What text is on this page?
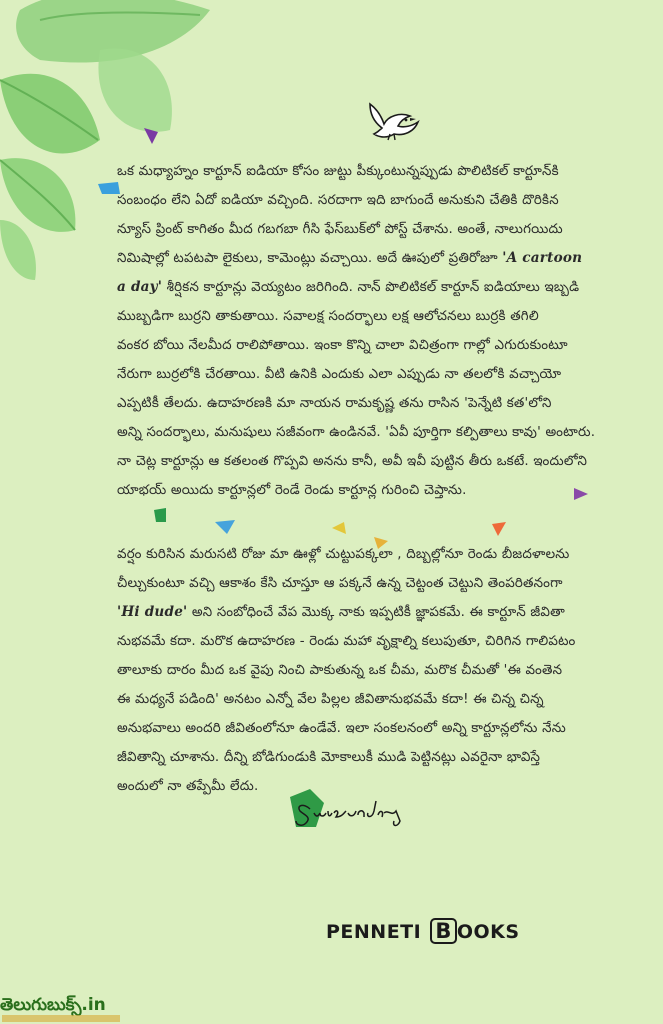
ఒక మధ్యాహ్నం కార్టూన్ ఐడియా కోసం జుట్టు పీక్కుంటున్నప్పుడు పొలిటికల్ కార్టూన్‌కి
సంబంధం లేని ఏదో ఐడియా వచ్చింది. సరదాగా ఇది బాగుందే అనుకుని చేతికి దొరికిన
న్యూస్ ప్రింట్ కాగితం మీద గబగబా గీసి ఫేస్‌బుక్‌లో పోస్ట్ చేశాను. అంతే, నాలుగయిదు
నిమిషాల్లో టపటపా లైకులు, కామెంట్లు వచ్చాయి. అదే ఊపులో ప్రతిరోజూ 'A cartoon
a day' శీర్షికన కార్టూన్లు వెయ్యటం జరిగింది. నాన్ పొలిటికల్ కార్టూన్ ఐడియాలు ఇబ్బడి
ముబ్బడిగా బుర్రని తాకుతాయి. సవాలక్ష సందర్భాలు లక్ష ఆలోచనలు బుర్రకి తగిలి
వంకర బోయి నేలమీద రాలిపోతాయి. ఇంకా కొన్ని చాలా విచిత్రంగా గాల్లో ఎగురుకుంటూ
నేరుగా బుర్రలోకి చేరతాయి. వీటి ఉనికి ఎందుకు ఎలా ఎప్పుడు నా తలలోకి వచ్చాయో
ఎప్పటికీ తేలదు. ఉదాహరణకి మా నాయన రామకృష్ణ తను రాసిన 'పెన్నేటి కత'లోని
అన్ని సందర్భాలు, మనుషులు సజీవంగా ఉండినవే. 'ఏవీ పూర్తిగా కల్పితాలు కావు' అంటారు.
నా చెట్ల కార్టూన్లు ఆ కతలంత గొప్పవి అనను కానీ, అవీ ఇవీ పుట్టిన తీరు ఒకటే. ఇందులోని
యాభయ్ అయిదు కార్టూన్లలో రెండే రెండు కార్టూన్ల గురించి చెప్తాను.
వర్షం కురిసిన మరుసటి రోజు మా ఊళ్లో చుట్టుపక్కలా , దిబ్బల్లోనూ రెండు బీజదళాలను
చీల్చుకుంటూ వచ్చి ఆకాశం కేసి చూస్తూ ఆ పక్కనే ఉన్న చెట్టంత చెట్టుని తెంపరితనంగా
'Hi dude' అని సంబోధించే వేప మొక్క నాకు ఇప్పటికీ జ్ఞాపకమే. ఈ కార్టూన్ జీవితా
నుభవమే కదా. మరొక ఉదాహరణ - రెండు మహా వృక్షాల్ని కలుపుతూ, చిరిగిన గాలిపటం
తాలూకు దారం మీద ఒక వైపు నించి పాకుతున్న ఒక చీమ, మరొక చీమతో 'ఈ వంతెన
ఈ మధ్యనే పడింది' అనటం ఎన్నో వేల పిల్లల జీవితానుభవమే కదా! ఈ చిన్న చిన్న
అనుభవాలు అందరి జీవితంలోనూ ఉండేవే. ఇలా సంకలనంలో అన్ని కార్టూన్లలోను నేను
జీవితాన్ని చూశాను. దీన్ని బోడిగుండుకి మోకాలుకీ ముడి పెట్టినట్లు ఎవరైనా భావిస్తే
అందులో నా తప్పేమీ లేదు.
PENNETI B OOKS
తెలుగుబుక్స్.in
